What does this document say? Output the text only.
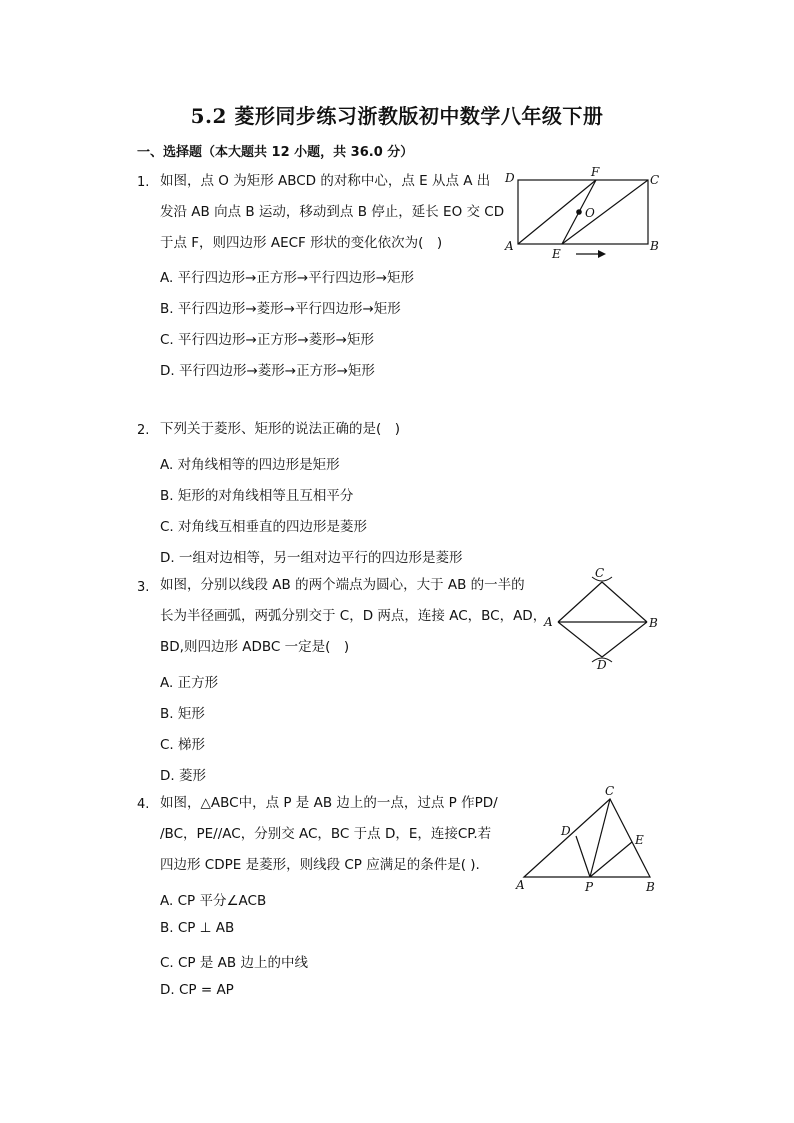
5.2 菱形同步练习浙教版初中数学八年级下册
一、选择题（本大题共 12 小题，共 36.0 分）
1. 如图，点 O 为矩形 ABCD 的对称中心，点 E 从点 A 出
发沿 AB 向点 B 运动，移动到点 B 停止，延长 EO 交 CD
于点 F，则四边形 AECF 形状的变化依次为(　)
A. 平行四边形→正方形→平行四边形→矩形
B. 平行四边形→菱形→平行四边形→矩形
C. 平行四边形→正方形→菱形→矩形
D. 平行四边形→菱形→正方形→矩形
D	C
A	B
F
E
O
2. 下列关于菱形、矩形的说法正确的是(　)
A. 对角线相等的四边形是矩形
B. 矩形的对角线相等且互相平分
C. 对角线互相垂直的四边形是菱形
D. 一组对边相等，另一组对边平行的四边形是菱形
3. 如图，分别以线段 AB 的两个端点为圆心，大于 AB 的一半的
长为半径画弧，两弧分别交于 C，D 两点，连接 AC，BC，AD，
BD,则四边形 ADBC 一定是(　)
A. 正方形
B. 矩形
C. 梯形
D. 菱形
C
A	B
D
4. 如图，△ABC中，点 P 是 AB 边上的一点，过点 P 作PD/
/BC，PE//AC，分别交 AC，BC 于点 D，E，连接CP.若
四边形 CDPE 是菱形，则线段 CP 应满足的条件是( ).
A. CP 平分∠ACB
B. CP ⊥ AB
C. CP 是 AB 边上的中线
D. CP = AP
C
D
E
A	P	B
